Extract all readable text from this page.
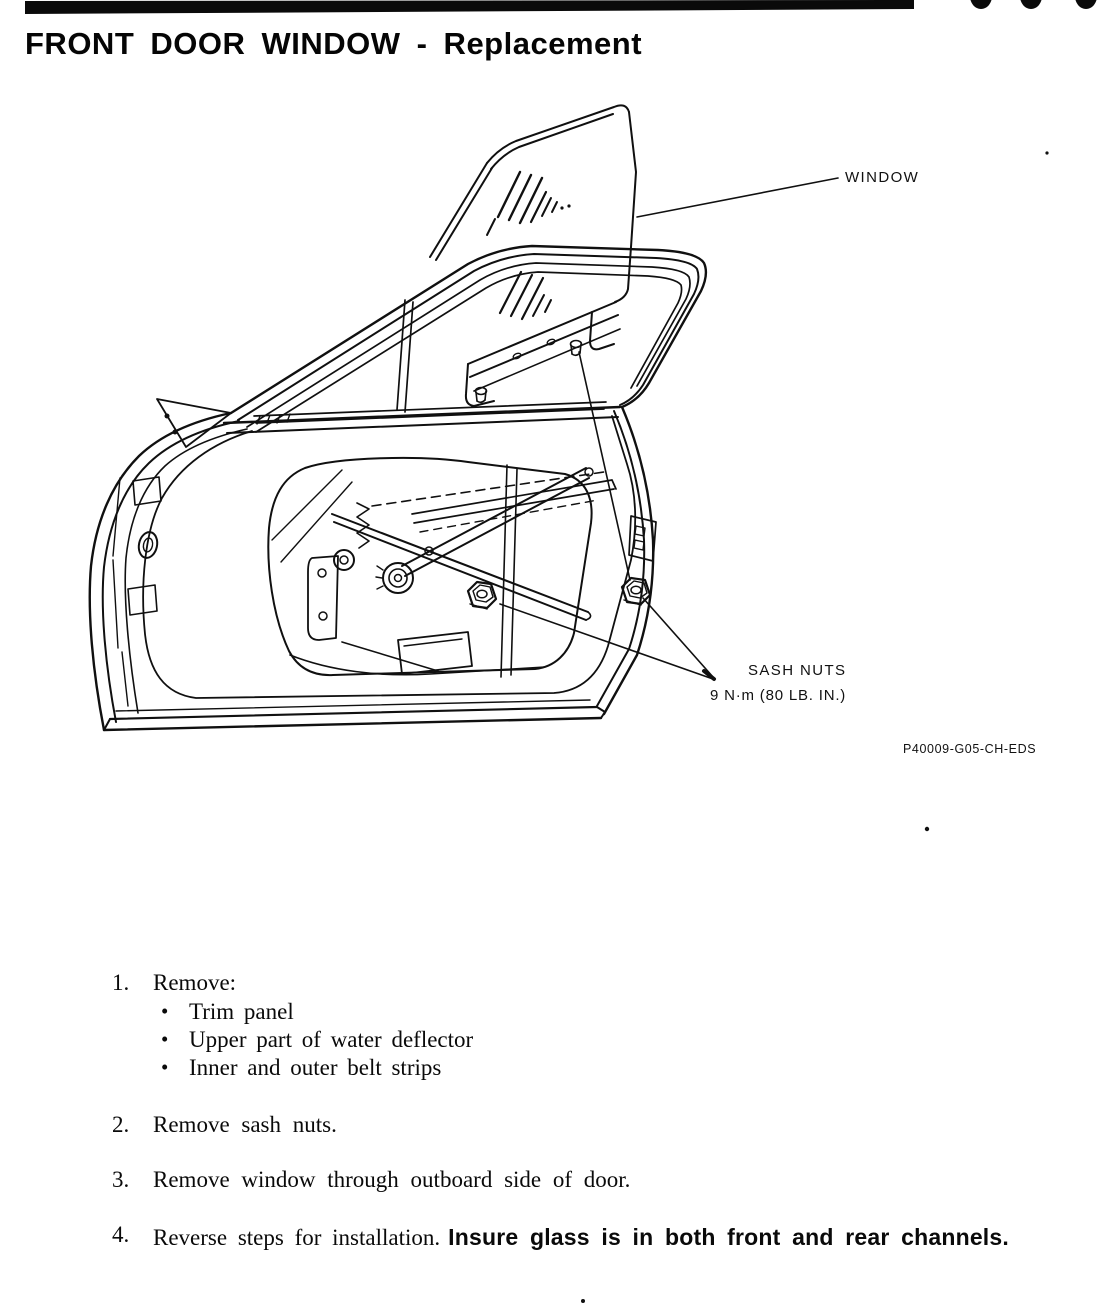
FRONT DOOR WINDOW - Replacement
WINDOW
SASH NUTS
9 N·m (80 LB. IN.)
P40009-G05-CH-EDS
1. Remove:
• Trim panel
• Upper part of water deflector
• Inner and outer belt strips
2. Remove sash nuts.
3. Remove window through outboard side of door.
4. Reverse steps for installation. Insure glass is in both front and rear channels.
